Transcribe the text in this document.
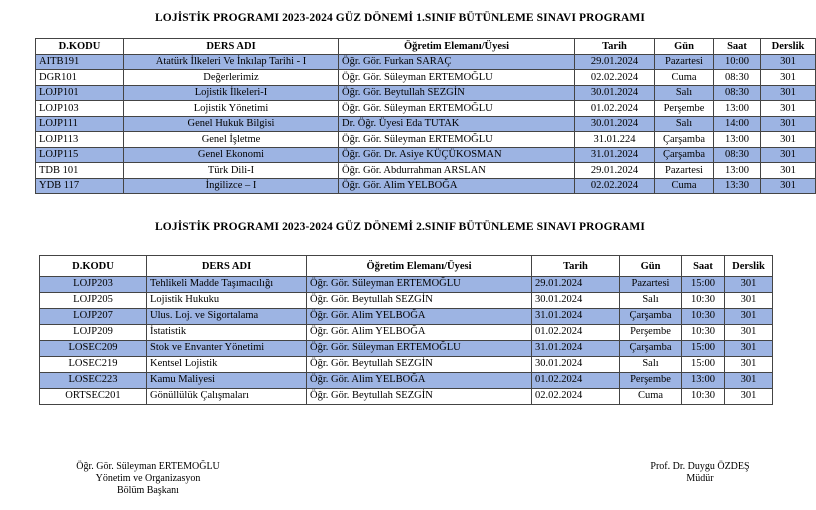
LOJİSTİK PROGRAMI 2023-2024 GÜZ DÖNEMİ 1.SINIF BÜTÜNLEME SINAVI PROGRAMI
D.KODU	DERS ADI	Öğretim Elemanı/Üyesi	Tarih	Gün	Saat	Derslik
AITB191	Atatürk İlkeleri Ve İnkılap Tarihi - I	Öğr. Gör. Furkan SARAÇ	29.01.2024	Pazartesi	10:00	301
DGR101	Değerlerimiz	Öğr. Gör. Süleyman ERTEMOĞLU	02.02.2024	Cuma	08:30	301
LOJP101	Lojistik İlkeleri-I	Öğr. Gör. Beytullah SEZGİN	30.01.2024	Salı	08:30	301
LOJP103	Lojistik Yönetimi	Öğr. Gör. Süleyman ERTEMOĞLU	01.02.2024	Perşembe	13:00	301
LOJP111	Genel Hukuk Bilgisi	Dr. Öğr. Üyesi Eda TUTAK	30.01.2024	Salı	14:00	301
LOJP113	Genel İşletme	Öğr. Gör. Süleyman ERTEMOĞLU	31.01.224	Çarşamba	13:00	301
LOJP115	Genel Ekonomi	Öğr. Gör. Dr. Asiye KÜÇÜKOSMAN	31.01.2024	Çarşamba	08:30	301
TDB 101	Türk Dili-I	Öğr. Gör. Abdurrahman ARSLAN	29.01.2024	Pazartesi	13:00	301
YDB 117	İngilizce – I	Öğr. Gör. Alim YELBOĞA	02.02.2024	Cuma	13:30	301
LOJİSTİK PROGRAMI 2023-2024 GÜZ DÖNEMİ 2.SINIF BÜTÜNLEME SINAVI PROGRAMI
D.KODU	DERS ADI	Öğretim Elemanı/Üyesi	Tarih	Gün	Saat	Derslik
LOJP203	Tehlikeli Madde Taşımacılığı	Öğr. Gör. Süleyman ERTEMOĞLU	29.01.2024	Pazartesi	15:00	301
LOJP205	Lojistik Hukuku	Öğr. Gör. Beytullah SEZGİN	30.01.2024	Salı	10:30	301
LOJP207	Ulus. Loj. ve Sigortalama	Öğr. Gör. Alim YELBOĞA	31.01.2024	Çarşamba	10:30	301
LOJP209	İstatistik	Öğr. Gör. Alim YELBOĞA	01.02.2024	Perşembe	10:30	301
LOSEC209	Stok ve Envanter Yönetimi	Öğr. Gör. Süleyman ERTEMOĞLU	31.01.2024	Çarşamba	15:00	301
LOSEC219	Kentsel Lojistik	Öğr. Gör. Beytullah SEZGİN	30.01.2024	Salı	15:00	301
LOSEC223	Kamu Maliyesi	Öğr. Gör. Alim YELBOĞA	01.02.2024	Perşembe	13:00	301
ORTSEC201	Gönüllülük Çalışmaları	Öğr. Gör. Beytullah SEZGİN	02.02.2024	Cuma	10:30	301
Öğr. Gör. Süleyman ERTEMOĞLU
Yönetim ve Organizasyon
Bölüm Başkanı
Prof. Dr. Duygu ÖZDEŞ
Müdür
